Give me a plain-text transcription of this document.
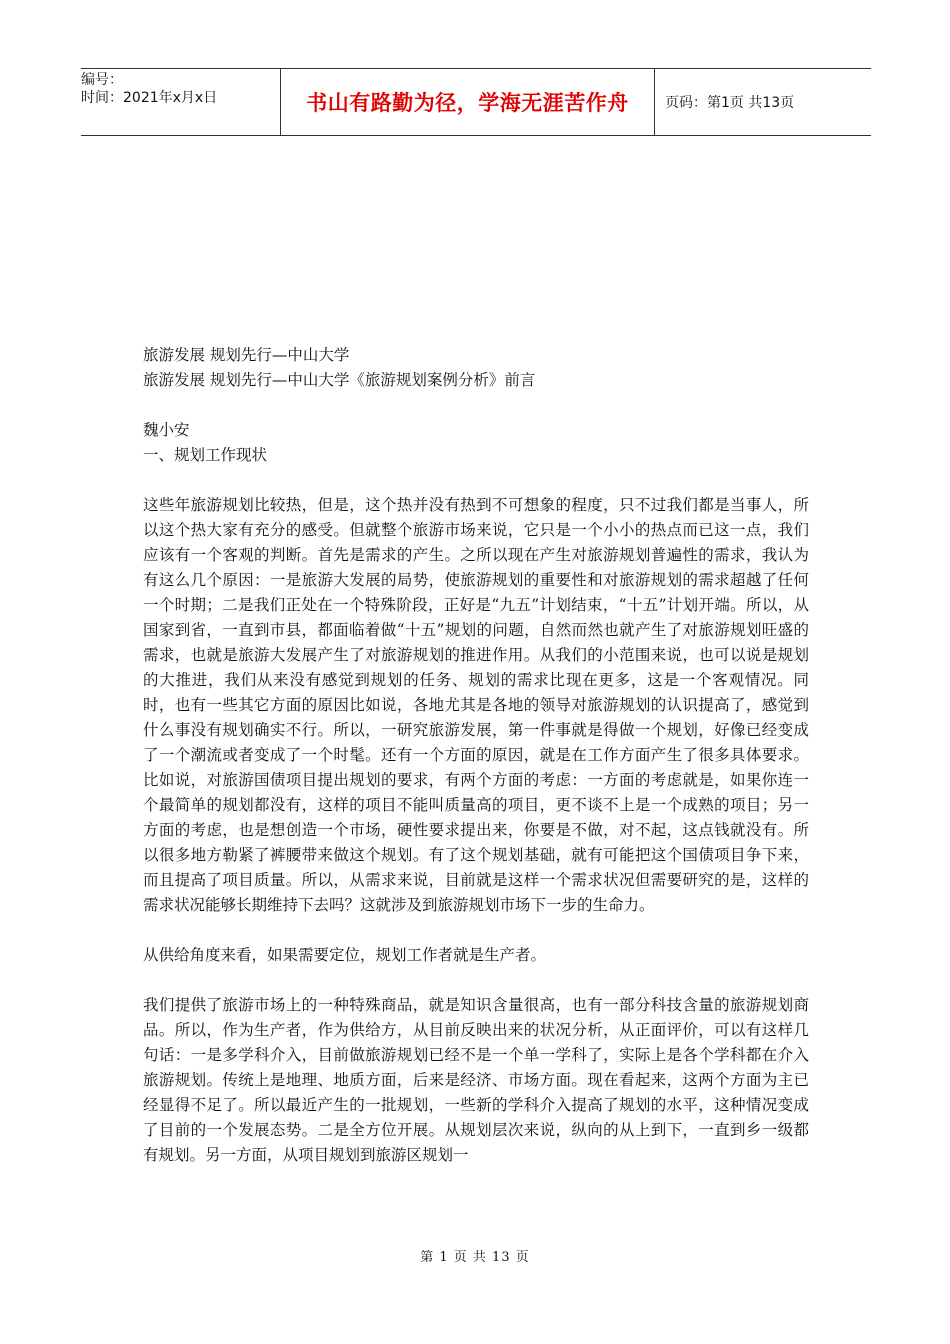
编号：
时间：2021年x月x日	书山有路勤为径，学海无涯苦作舟	页码：第1页 共13页

旅游发展 规划先行—中山大学

旅游发展 规划先行—中山大学《旅游规划案例分析》前言

魏小安

一、规划工作现状

这些年旅游规划比较热，但是，这个热并没有热到不可想象的程度，只不过我们都是当事人，所以这个热大家有充分的感受。但就整个旅游市场来说，它只是一个小小的热点而已这一点，我们应该有一个客观的判断。首先是需求的产生。之所以现在产生对旅游规划普遍性的需求，我认为有这么几个原因：一是旅游大发展的局势，使旅游规划的重要性和对旅游规划的需求超越了任何一个时期；二是我们正处在一个特殊阶段，正好是“九五”计划结束，“十五”计划开端。所以，从国家到省，一直到市县，都面临着做“十五”规划的问题，自然而然也就产生了对旅游规划旺盛的需求，也就是旅游大发展产生了对旅游规划的推进作用。从我们的小范围来说，也可以说是规划的大推进，我们从来没有感觉到规划的任务、规划的需求比现在更多，这是一个客观情况。同时，也有一些其它方面的原因比如说，各地尤其是各地的领导对旅游规划的认识提高了，感觉到什么事没有规划确实不行。所以，一研究旅游发展，第一件事就是得做一个规划，好像已经变成了一个潮流或者变成了一个时髦。还有一个方面的原因，就是在工作方面产生了很多具体要求。比如说，对旅游国债项目提出规划的要求，有两个方面的考虑：一方面的考虑就是，如果你连一个最简单的规划都没有，这样的项目不能叫质量高的项目，更不谈不上是一个成熟的项目；另一方面的考虑，也是想创造一个市场，硬性要求提出来，你要是不做，对不起，这点钱就没有。所以很多地方勒紧了裤腰带来做这个规划。有了这个规划基础，就有可能把这个国债项目争下来，而且提高了项目质量。所以，从需求来说，目前就是这样一个需求状况但需要研究的是，这样的需求状况能够长期维持下去吗？这就涉及到旅游规划市场下一步的生命力。

从供给角度来看，如果需要定位，规划工作者就是生产者。

我们提供了旅游市场上的一种特殊商品，就是知识含量很高，也有一部分科技含量的旅游规划商品。所以，作为生产者，作为供给方，从目前反映出来的状况分析，从正面评价，可以有这样几句话：一是多学科介入，目前做旅游规划已经不是一个单一学科了，实际上是各个学科都在介入旅游规划。传统上是地理、地质方面，后来是经济、市场方面。现在看起来，这两个方面为主已经显得不足了。所以最近产生的一批规划，一些新的学科介入提高了规划的水平，这种情况变成了目前的一个发展态势。二是全方位开展。从规划层次来说，纵向的从上到下，一直到乡一级都有规划。另一方面，从项目规划到旅游区规划一

第 1 页 共 13 页
